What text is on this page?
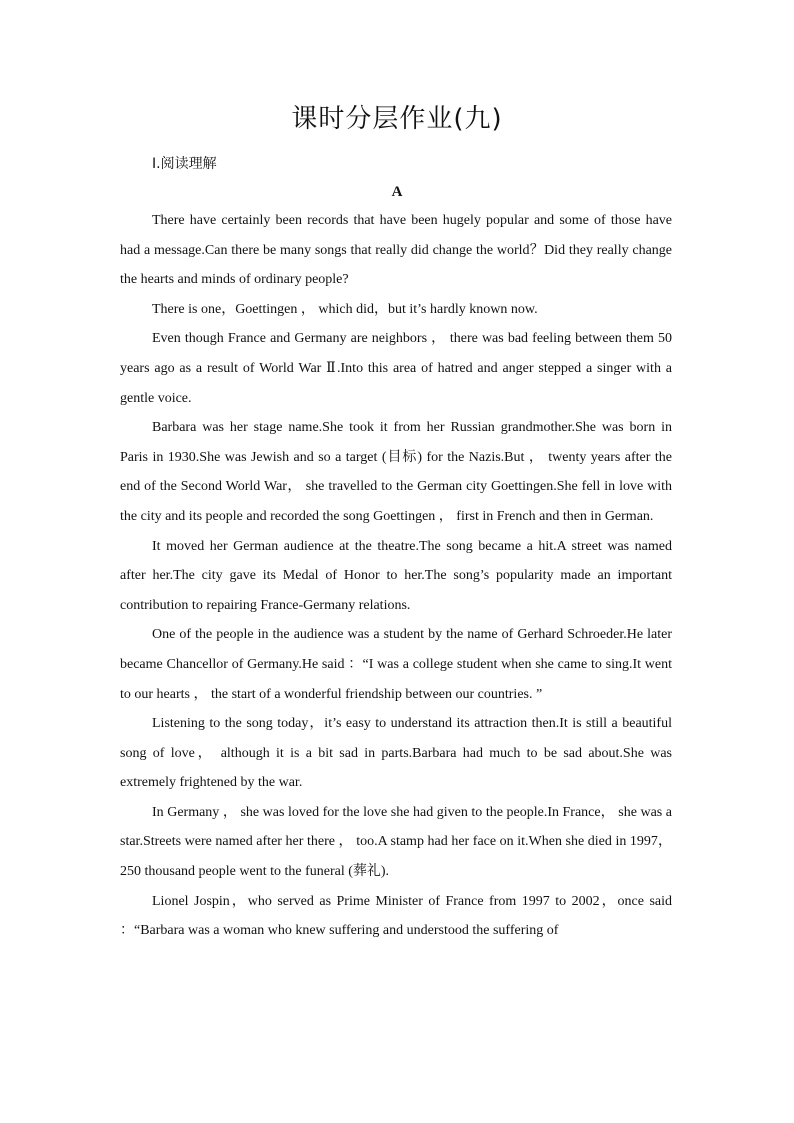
课时分层作业(九)
Ⅰ.阅读理解
A

There have certainly been records that have been hugely popular and some of those have had a message.Can there be many songs that really did change the world？Did they really change the hearts and minds of ordinary people?

There is one，Goettingen ， which did，but it’s hardly known now.

Even though France and Germany are neighbors ， there was bad feeling between them 50 years ago as a result of World War Ⅱ.Into this area of hatred and anger stepped a singer with a gentle voice.

Barbara was her stage name.She took it from her Russian grandmother.She was born in Paris in 1930.She was Jewish and so a target (目标) for the Nazis.But ， twenty years after the end of the Second World War， she travelled to the German city Goettingen.She fell in love with the city and its people and recorded the song Goettingen ， first in French and then in German.

It moved her German audience at the theatre.The song became a hit.A street was named after her.The city gave its Medal of Honor to her.The song’s popularity made an important contribution to repairing France-Germany relations.

One of the people in the audience was a student by the name of Gerhard Schroeder.He later became Chancellor of Germany.He said ：“I was a college student when she came to sing.It went to our hearts ， the start of a wonderful friendship between our countries. ”

Listening to the song today，it’s easy to understand its attraction then.It is still a beautiful song of love， although it is a bit sad in parts.Barbara had much to be sad about.She was extremely frightened by the war.

In Germany ， she was loved for the love she had given to the people.In France， she was a star.Streets were named after her there ， too.A stamp had her face on it.When she died in 1997，250 thousand people went to the funeral (葬礼).

Lionel Jospin，who served as Prime Minister of France from 1997 to 2002，once said ：“Barbara was a woman who knew suffering and understood the suffering of
